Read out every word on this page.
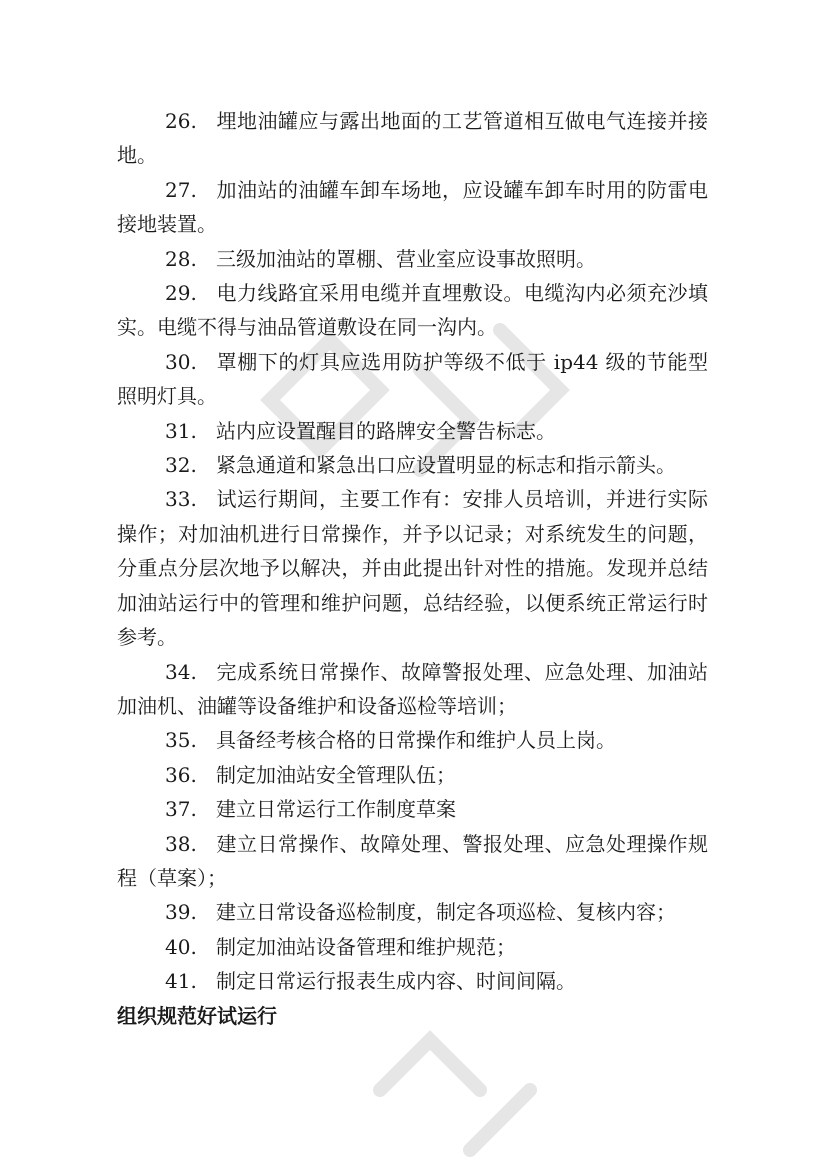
26. 埋地油罐应与露出地面的工艺管道相互做电气连接并接地。

27. 加油站的油罐车卸车场地，应设罐车卸车时用的防雷电接地装置。

28. 三级加油站的罩棚、营业室应设事故照明。

29. 电力线路宜采用电缆并直埋敷设。电缆沟内必须充沙填实。电缆不得与油品管道敷设在同一沟内。

30. 罩棚下的灯具应选用防护等级不低于 ip44 级的节能型照明灯具。

31. 站内应设置醒目的路牌安全警告标志。

32. 紧急通道和紧急出口应设置明显的标志和指示箭头。

33. 试运行期间，主要工作有：安排人员培训，并进行实际操作；对加油机进行日常操作，并予以记录；对系统发生的问题，分重点分层次地予以解决，并由此提出针对性的措施。发现并总结加油站运行中的管理和维护问题，总结经验，以便系统正常运行时参考。

34. 完成系统日常操作、故障警报处理、应急处理、加油站加油机、油罐等设备维护和设备巡检等培训；

35. 具备经考核合格的日常操作和维护人员上岗。

36. 制定加油站安全管理队伍；

37. 建立日常运行工作制度草案

38. 建立日常操作、故障处理、警报处理、应急处理操作规程（草案）；

39. 建立日常设备巡检制度，制定各项巡检、复核内容；

40. 制定加油站设备管理和维护规范；

41. 制定日常运行报表生成内容、时间间隔。

组织规范好试运行
